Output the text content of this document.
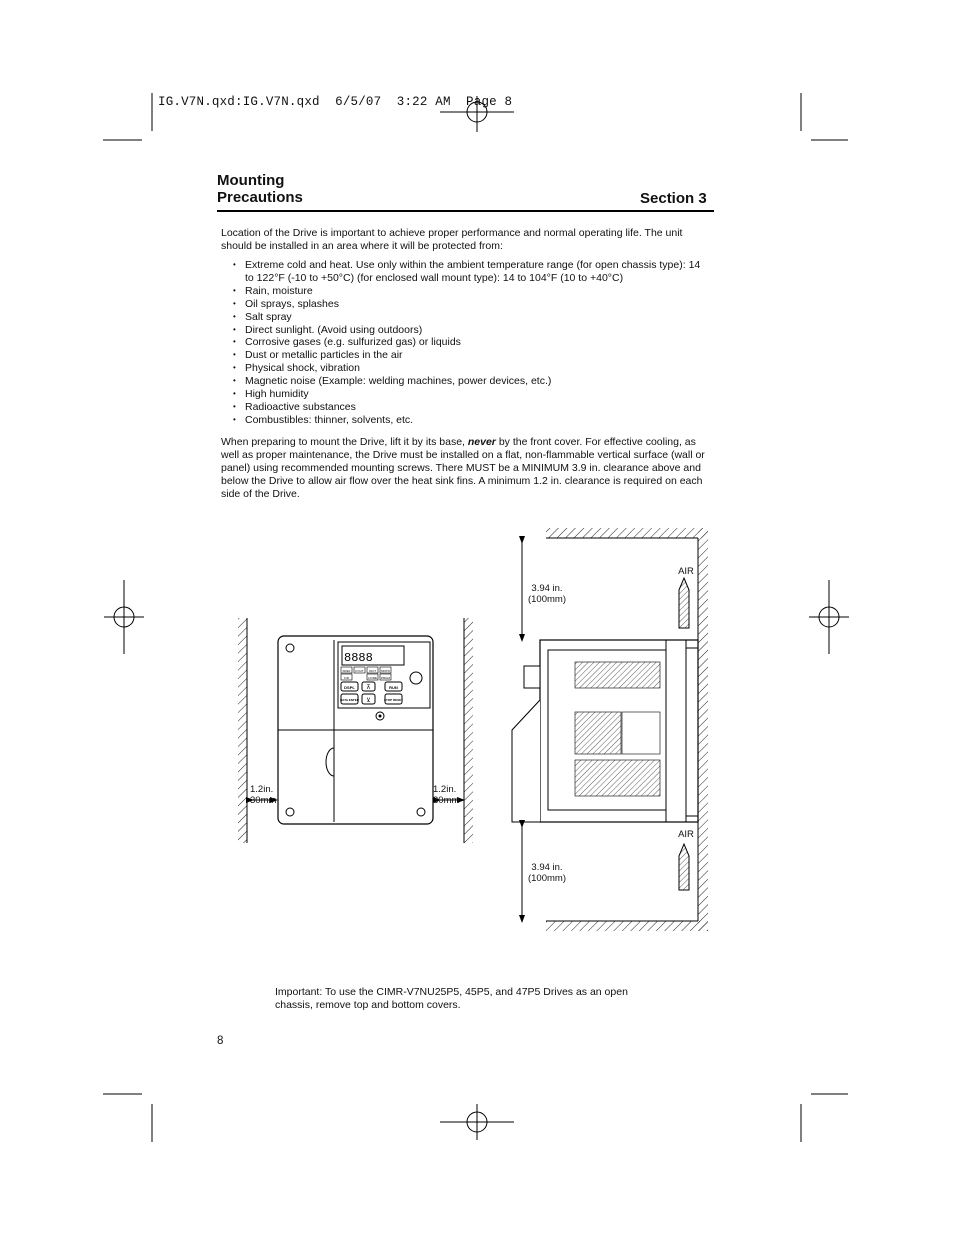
IG.V7N.qxd:IG.V7N.qxd  6/5/07  3:22 AM  Page 8
Mounting
Precautions	Section 3
Location of the Drive is important to achieve proper performance and normal operating life. The unit should be installed in an area where it will be protected from:
• Extreme cold and heat. Use only within the ambient temperature range (for open chassis type): 14 to 122°F (-10 to +50°C) (for enclosed wall mount type): 14 to 104°F (10 to +40°C)
• Rain, moisture
• Oil sprays, splashes
• Salt spray
• Direct sunlight. (Avoid using outdoors)
• Corrosive gases (e.g. sulfurized gas) or liquids
• Dust or metallic particles in the air
• Physical shock, vibration
• Magnetic noise (Example: welding machines, power devices, etc.)
• High humidity
• Radioactive substances
• Combustibles: thinner, solvents, etc.
When preparing to mount the Drive, lift it by its base, never by the front cover. For effective cooling, as well as proper maintenance, the Drive must be installed on a flat, non-flammable vertical surface (wall or panel) using recommended mounting screws. There MUST be a MINIMUM 3.9 in. clearance above and below the Drive to allow air flow over the heat sink fins. A minimum 1.2 in. clearance is required on each side of the Drive.
8888
FREF FOUT IOUT MNTR
F/R	LO/RE PRGM
DSPL ⊼	RUN
DATA ENTER ⊻	STOP RESET
1.2in.
30mm
1.2in.
30mm
3.94 in.
(100mm)
3.94 in.
(100mm)
AIR
AIR
Important: To use the CIMR-V7NU25P5, 45P5, and 47P5 Drives as an open chassis, remove top and bottom covers.
8
